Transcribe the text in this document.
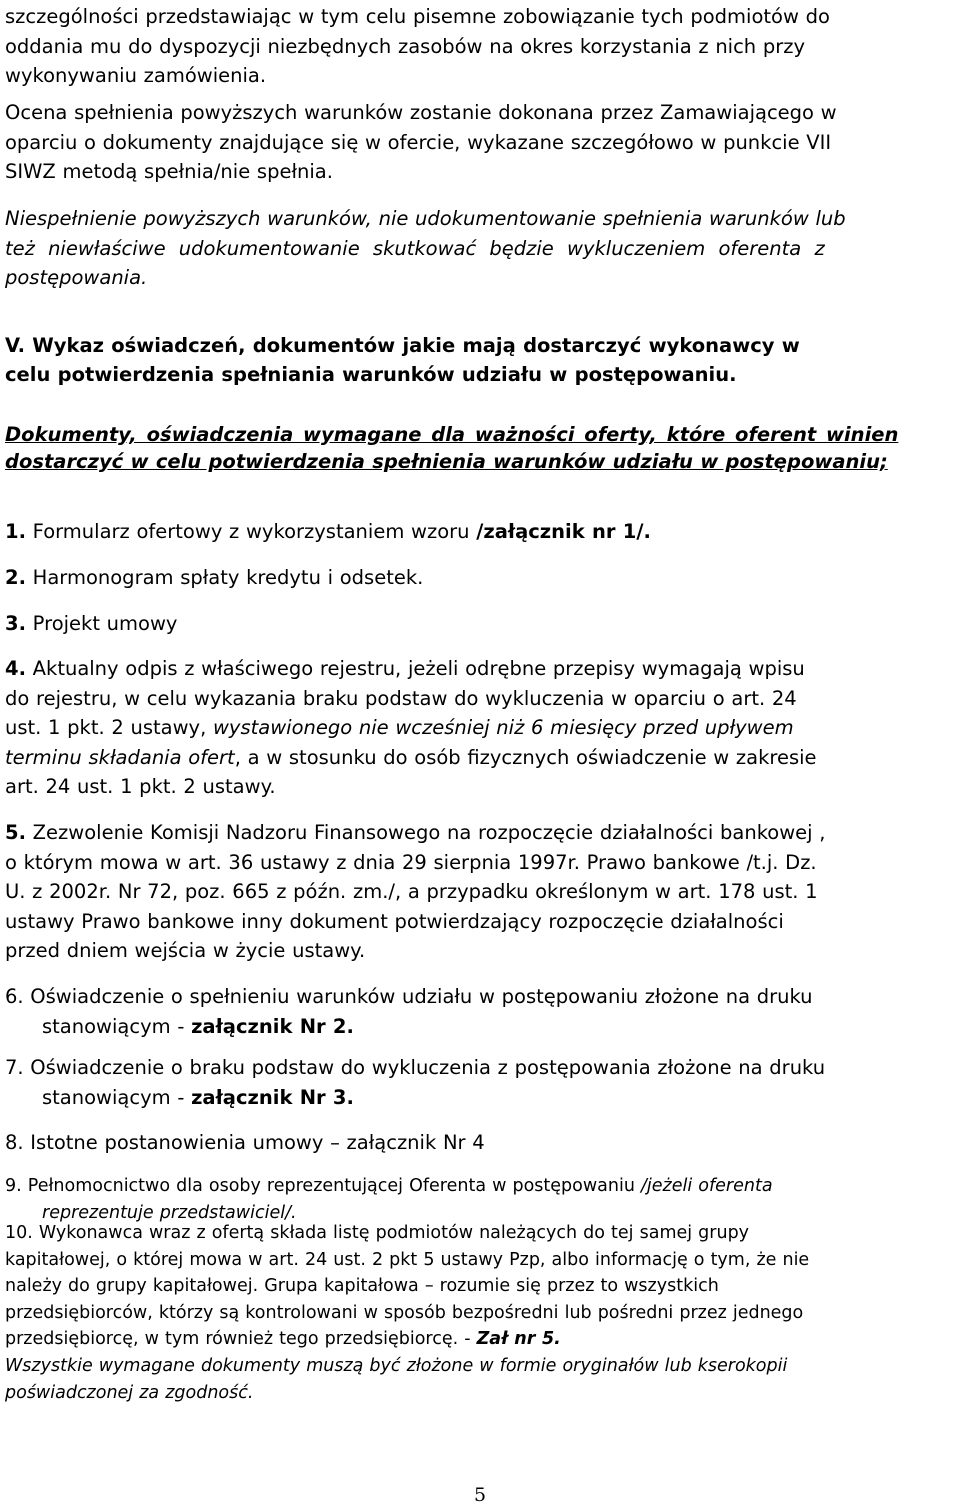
szczególności przedstawiając w tym celu pisemne zobowiązanie tych podmiotów do

oddania mu do dyspozycji niezbędnych zasobów na okres korzystania z nich przy

wykonywaniu zamówienia.

Ocena spełnienia powyższych warunków zostanie dokonana przez Zamawiającego w

oparciu o dokumenty znajdujące się w ofercie, wykazane szczegółowo w punkcie VII

SIWZ metodą spełnia/nie spełnia.

Niespełnienie powyższych warunków, nie udokumentowanie spełnienia warunków lub

też niewłaściwe udokumentowanie skutkować będzie wykluczeniem oferenta z

postępowania.

V. Wykaz oświadczeń, dokumentów jakie mają dostarczyć wykonawcy w

celu potwierdzenia spełniania warunków udziału w postępowaniu.

Dokumenty, oświadczenia wymagane dla ważności oferty, które oferent winien

dostarczyć w celu potwierdzenia spełnienia warunków udziału w postępowaniu;

1. Formularz ofertowy z wykorzystaniem wzoru /załącznik nr 1/.

2. Harmonogram spłaty kredytu i odsetek.

3. Projekt umowy

4. Aktualny odpis z właściwego rejestru, jeżeli odrębne przepisy wymagają wpisu

do rejestru, w celu wykazania braku podstaw do wykluczenia w oparciu o art. 24

ust. 1 pkt. 2 ustawy, wystawionego nie wcześniej niż 6 miesięcy przed upływem

terminu składania ofert, a w stosunku do osób fizycznych oświadczenie w zakresie

art. 24 ust. 1 pkt. 2 ustawy.

5. Zezwolenie Komisji Nadzoru Finansowego na rozpoczęcie działalności bankowej ,

o którym mowa w art. 36 ustawy z dnia 29 sierpnia 1997r. Prawo bankowe /t.j. Dz.

U. z 2002r. Nr 72, poz. 665 z późn. zm./, a przypadku określonym w art. 178 ust. 1

ustawy Prawo bankowe inny dokument potwierdzający rozpoczęcie działalności

przed dniem wejścia w życie ustawy.

6. Oświadczenie o spełnieniu warunków udziału w postępowaniu złożone na druku

stanowiącym - załącznik Nr 2.

7. Oświadczenie o braku podstaw do wykluczenia z postępowania złożone na druku

stanowiącym - załącznik Nr 3.

8. Istotne postanowienia umowy – załącznik Nr 4

9. Pełnomocnictwo dla osoby reprezentującej Oferenta w postępowaniu /jeżeli oferenta

reprezentuje przedstawiciel/.

10. Wykonawca wraz z ofertą składa listę podmiotów należących do tej samej grupy

kapitałowej, o której mowa w art. 24 ust. 2 pkt 5 ustawy Pzp, albo informację o tym, że nie

należy do grupy kapitałowej. Grupa kapitałowa – rozumie się przez to wszystkich

przedsiębiorców, którzy są kontrolowani w sposób bezpośredni lub pośredni przez jednego

przedsiębiorcę, w tym również tego przedsiębiorcę. - Zał nr 5.

Wszystkie wymagane dokumenty muszą być złożone w formie oryginałów lub kserokopii

poświadczonej za zgodność.

5
